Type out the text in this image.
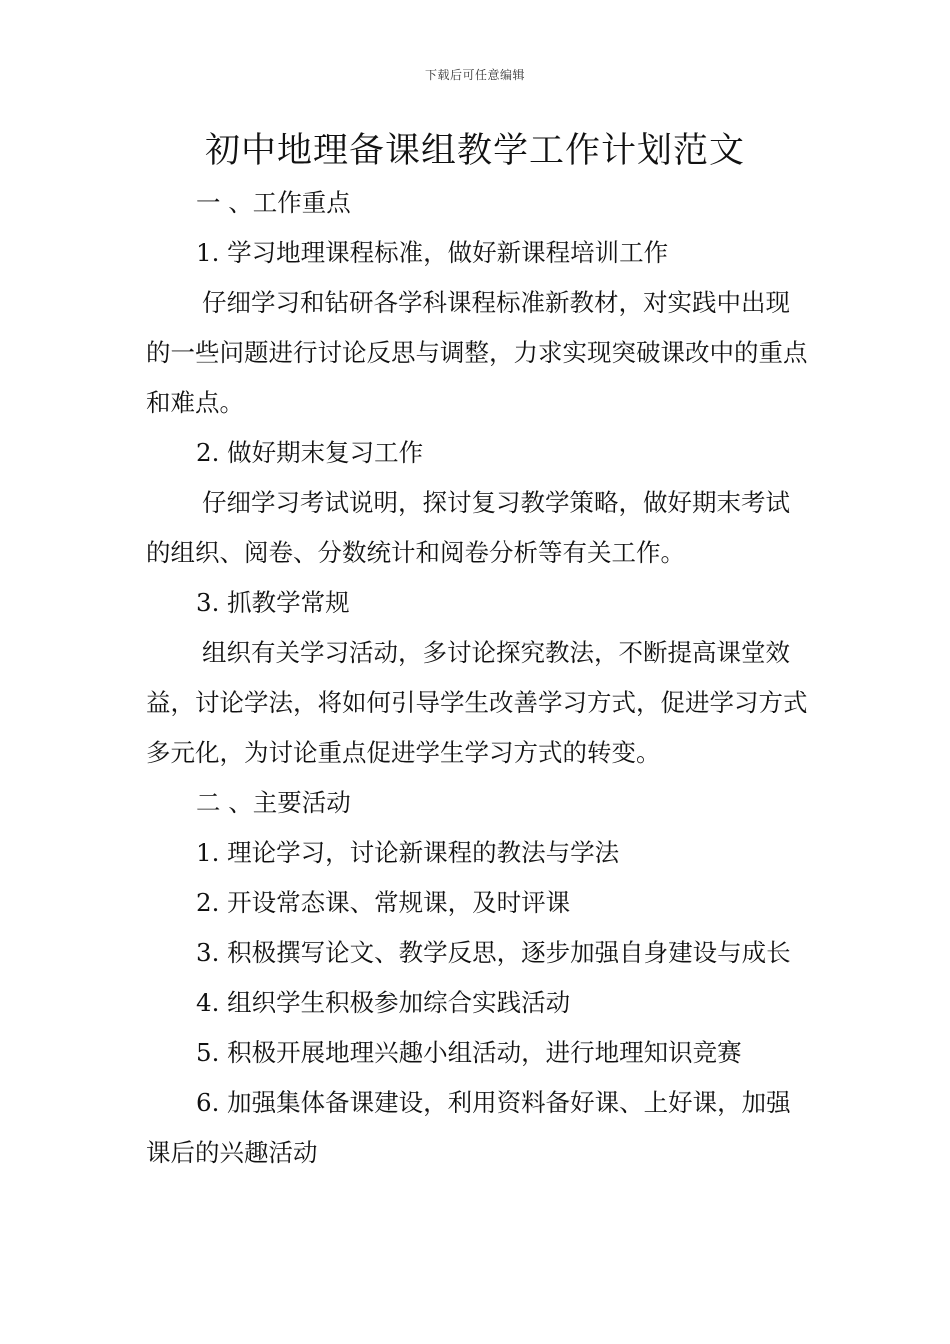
下载后可任意编辑
初中地理备课组教学工作计划范文

一 、工作重点

1. 学习地理课程标准，做好新课程培训工作

仔细学习和钻研各学科课程标准新教材，对实践中出现的一些问题进行讨论反思与调整，力求实现突破课改中的重点和难点。

2. 做好期末复习工作

仔细学习考试说明，探讨复习教学策略，做好期末考试的组织、阅卷、分数统计和阅卷分析等有关工作。

3. 抓教学常规

组织有关学习活动，多讨论探究教法，不断提高课堂效益，讨论学法，将如何引导学生改善学习方式，促进学习方式多元化，为讨论重点促进学生学习方式的转变。

二 、主要活动

1. 理论学习，讨论新课程的教法与学法

2. 开设常态课、常规课，及时评课

3. 积极撰写论文、教学反思，逐步加强自身建设与成长

4. 组织学生积极参加综合实践活动

5. 积极开展地理兴趣小组活动，进行地理知识竞赛

6. 加强集体备课建设，利用资料备好课、上好课，加强课后的兴趣活动
